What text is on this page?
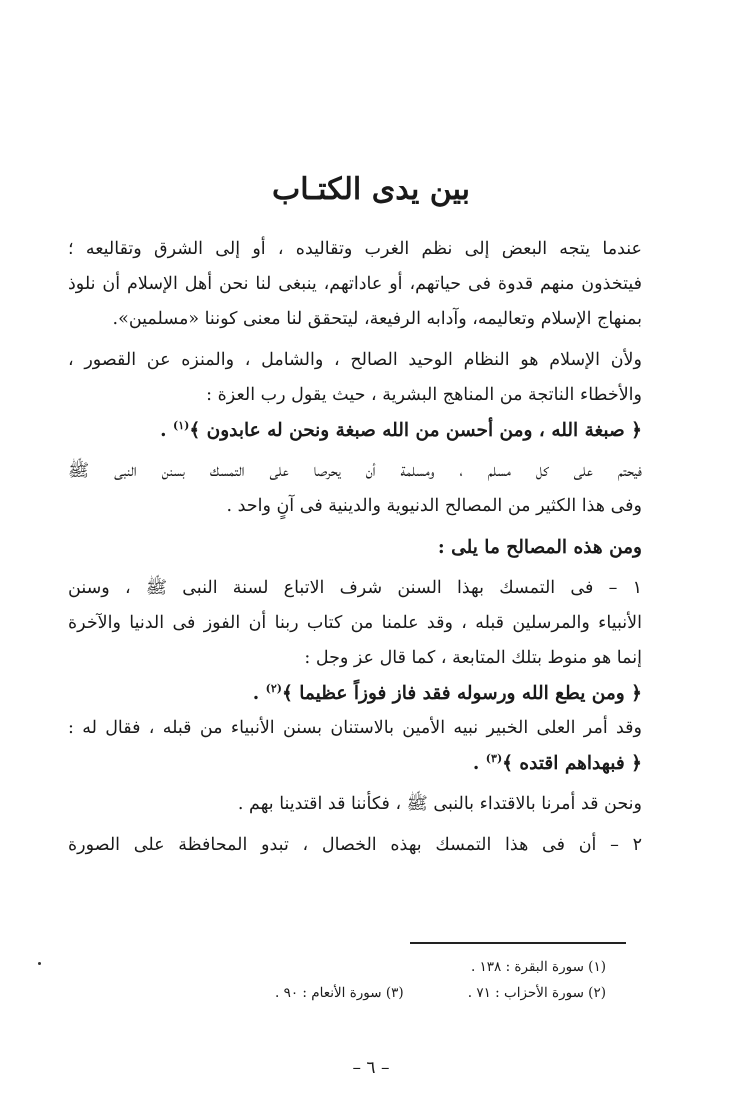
بين يدى الكتـاب
عندما يتجه البعض إلى نظم الغرب وتقاليده ، أو إلى الشرق وتقاليعه ؛
فيتخذون منهم قدوة فى حياتهم، أو عاداتهم، ينبغى لنا نحن أهل الإسلام أن نلوذ
بمنهاج الإسلام وتعاليمه، وآدابه الرفيعة، ليتحقق لنا معنى كوننا «مسلمين».
ولأن الإسلام هو النظام الوحيد الصالح ، والشامل ، والمنزه عن القصور ،
والأخطاء الناتجة من المناهج البشرية ، حيث يقول رب العزة :
﴿ صبغة الله ، ومن أحسن من الله صبغة ونحن له عابدون ﴾$^{(١)}$ .
فيحتم على كل مسلم ، ومسلمة أن يحرصا على التمسك بسنن النبى ﷺ
وفى هذا الكثير من المصالح الدنيوية والدينية فى آنٍ واحد .
ومن هذه المصالح ما يلى :
١ – فى التمسك بهذا السنن شرف الاتباع لسنة النبى ﷺ ، وسنن
الأنبياء والمرسلين قبله ، وقد علمنا من كتاب ربنا أن الفوز فى الدنيا والآخرة
إنما هو منوط بتلك المتابعة ، كما قال عز وجل :
﴿ ومن يطع الله ورسوله فقد فاز فوزاً عظيما ﴾$^{(٢)}$ .
وقد أمر العلى الخبير نبيه الأمين بالاستنان بسنن الأنبياء من قبله ، فقال له :
﴿ فبهداهم اقتده ﴾$^{(٣)}$ .
ونحن قد أمرنا بالاقتداء بالنبى ﷺ ، فكأننا قد اقتدينا بهم .
٢ – أن فى هذا التمسك بهذه الخصال ، تبدو المحافظة على الصورة
(١) سورة البقرة : ١٣٨ .
(٢) سورة الأحزاب : ٧١ . (٣) سورة الأنعام : ٩٠ .
– ٦ –
